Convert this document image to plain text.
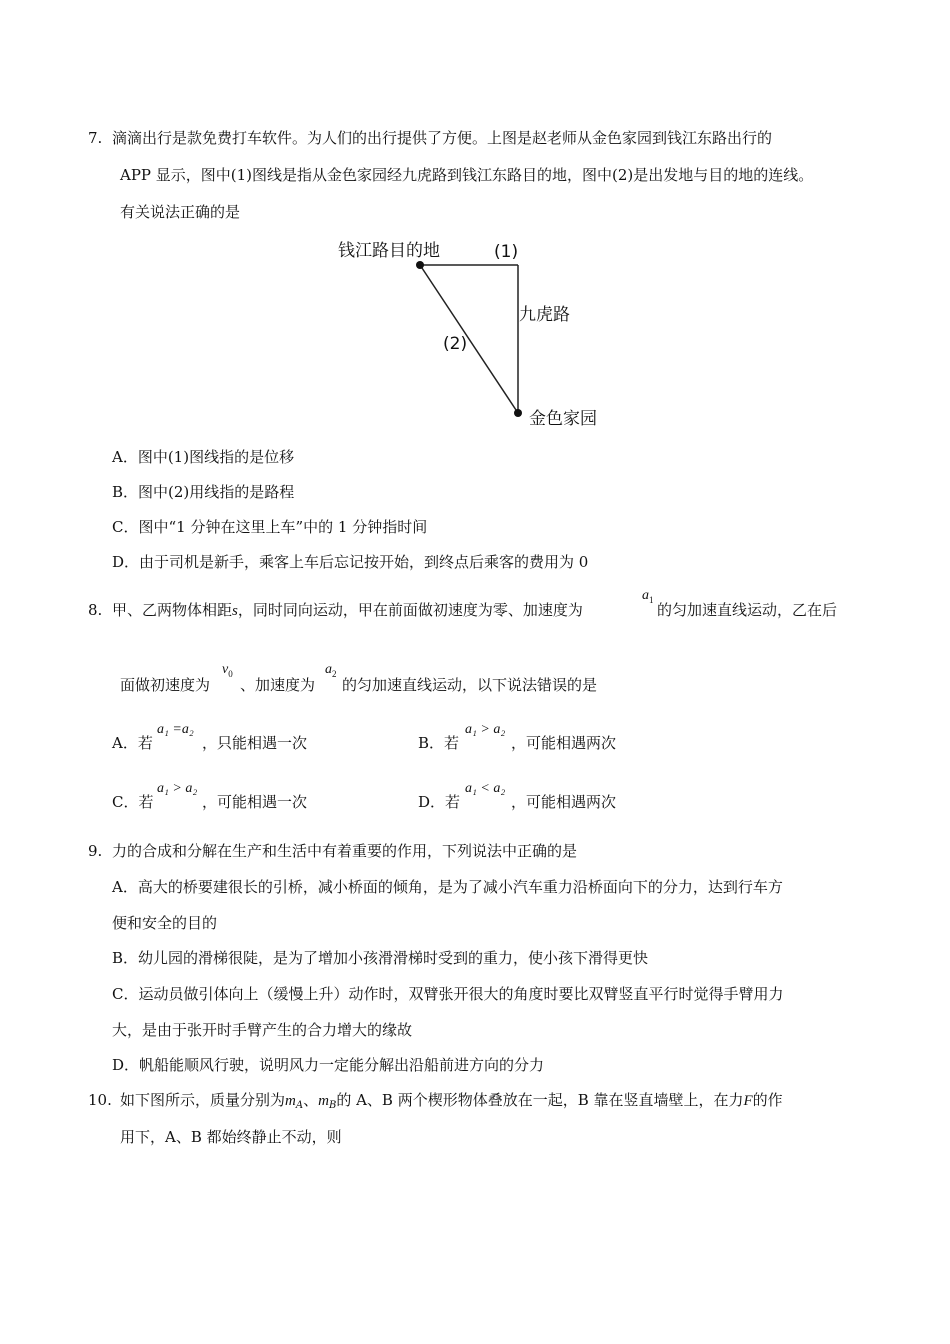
7. 滴滴出行是款免费打车软件。为人们的出行提供了方便。上图是赵老师从金色家园到钱江东路出行的
APP 显示，图中(1)图线是指从金色家园经九虎路到钱江东路目的地，图中(2)是出发地与目的地的连线。
有关说法正确的是
钱江路目的地	(1)
九虎路
(2)
金色家园
A．图中(1)图线指的是位移
B．图中(2)用线指的是路程
C．图中“1 分钟在这里上车”中的 1 分钟指时间
D．由于司机是新手，乘客上车后忘记按开始，到终点后乘客的费用为 0
8. 甲、乙两物体相距s，同时同向运动，甲在前面做初速度为零、加速度为
$a_1$
的匀加速直线运动，乙在后
面做初速度为
$v_0$
、加速度为
$a_2$
的匀加速直线运动，以下说法错误的是
A．若
a₁ =a₂
，只能相遇一次	B．若
a₁ > a₂
，可能相遇两次
C．若
a₁ > a₂
，可能相遇一次	D．若
a₁ < a₂
，可能相遇两次
9. 力的合成和分解在生产和生活中有着重要的作用，下列说法中正确的是
A．高大的桥要建很长的引桥，减小桥面的倾角，是为了减小汽车重力沿桥面向下的分力，达到行车方
便和安全的目的
B．幼儿园的滑梯很陡，是为了增加小孩滑滑梯时受到的重力，使小孩下滑得更快
C．运动员做引体向上（缓慢上升）动作时，双臂张开很大的角度时要比双臂竖直平行时觉得手臂用力
大，是由于张开时手臂产生的合力增大的缘故
D．帆船能顺风行驶，说明风力一定能分解出沿船前进方向的分力
10. 如下图所示，质量分别为$m_A$、$m_B$的 A、B 两个楔形物体叠放在一起，B 靠在竖直墙壁上，在力F的作
用下，A、B 都始终静止不动，则
